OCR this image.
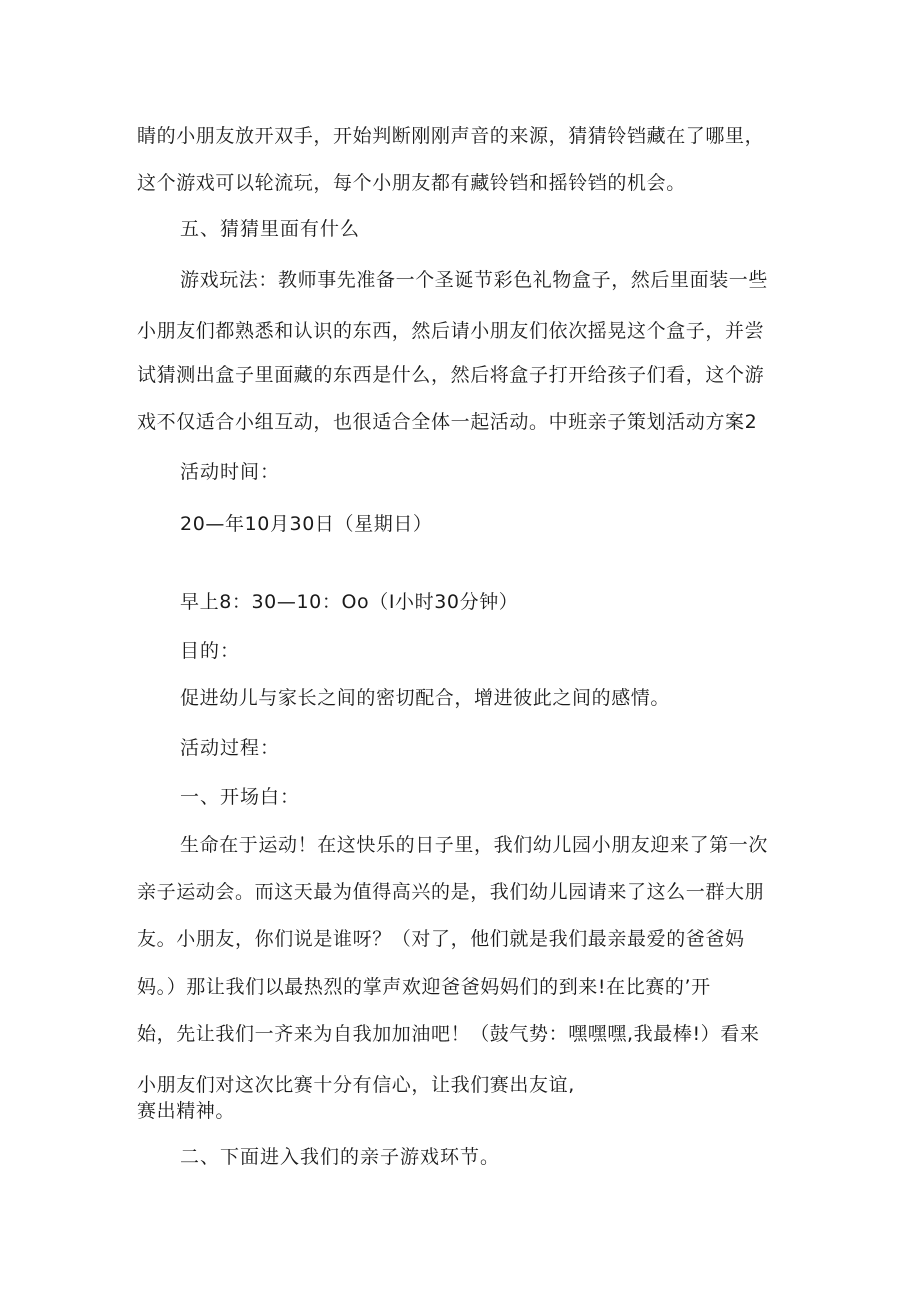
睛的小朋友放开双手，开始判断刚刚声音的来源，猜猜铃铛藏在了哪里，

这个游戏可以轮流玩，每个小朋友都有藏铃铛和摇铃铛的机会。

五、猜猜里面有什么

游戏玩法：教师事先准备一个圣诞节彩色礼物盒子，然后里面装一些

小朋友们都熟悉和认识的东西，然后请小朋友们依次摇晃这个盒子，并尝

试猜测出盒子里面藏的东西是什么，然后将盒子打开给孩子们看，这个游

戏不仅适合小组互动，也很适合全体一起活动。中班亲子策划活动方案2

活动时间：

20—年10月30日（星期日）

早上8：30—10：Oo（I小时30分钟）

目的：

促进幼儿与家长之间的密切配合，增进彼此之间的感情。

活动过程：

一、开场白：

生命在于运动！在这快乐的日子里，我们幼儿园小朋友迎来了第一次

亲子运动会。而这天最为值得高兴的是，我们幼儿园请来了这么一群大朋

友。小朋友，你们说是谁呀？（对了，他们就是我们最亲最爱的爸爸妈

妈。）那让我们以最热烈的掌声欢迎爸爸妈妈们的到来!在比赛的’开

始，先让我们一齐来为自我加加油吧！（鼓气势：嘿嘿嘿,我最棒!）看来

小朋友们对这次比赛十分有信心，让我们赛出友谊,

赛出精神。

二、下面进入我们的亲子游戏环节。
